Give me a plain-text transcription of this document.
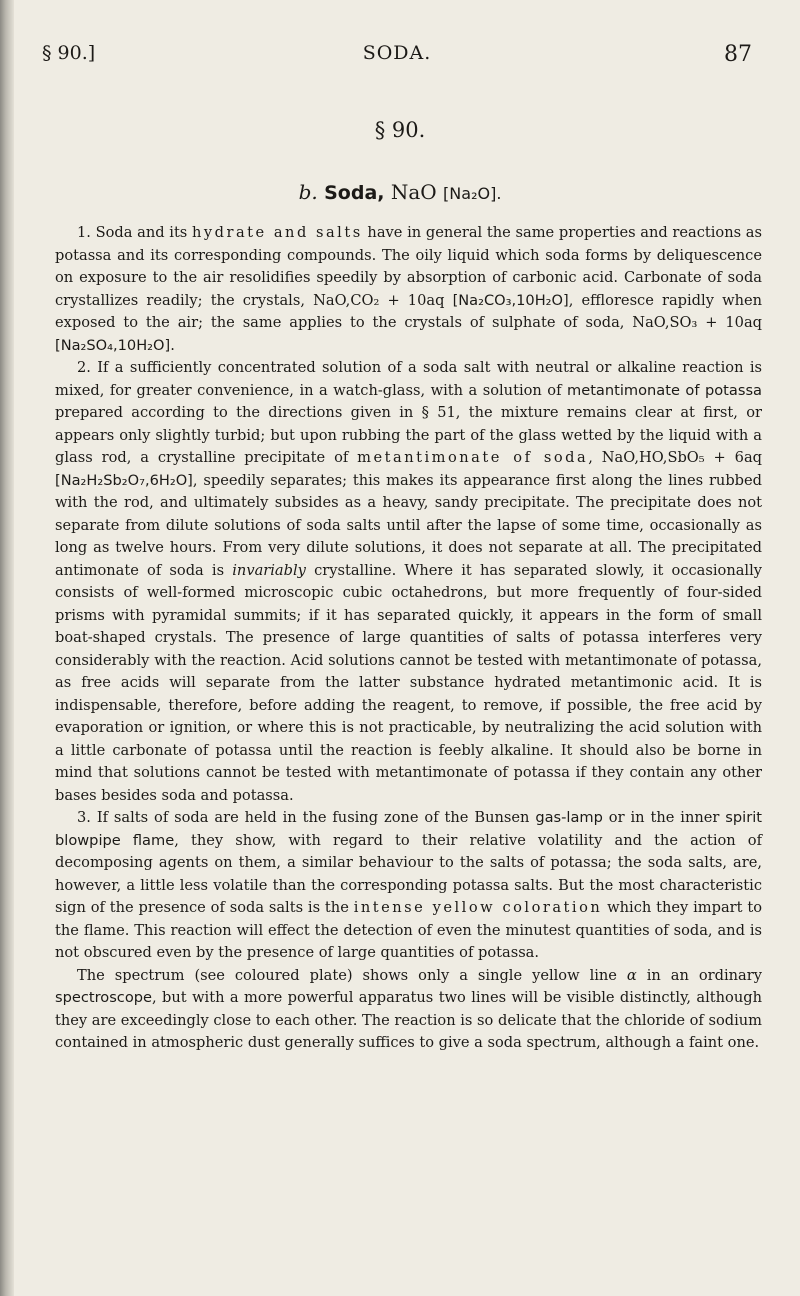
§ 90.]	SODA.	87
§ 90.
b. Soda, NaO [Na₂O].

1. Soda and its hydrate and salts have in general the same properties and reactions as potassa and its corresponding compounds. The oily liquid which soda forms by deliquescence on exposure to the air resolidifies speedily by absorption of carbonic acid. Carbonate of soda crystallizes readily; the crystals, NaO,CO₂ + 10aq [Na₂CO₃,10H₂O], effloresce rapidly when exposed to the air; the same applies to the crystals of sulphate of soda, NaO,SO₃ + 10aq [Na₂SO₄,10H₂O].

2. If a sufficiently concentrated solution of a soda salt with neutral or alkaline reaction is mixed, for greater convenience, in a watch-glass, with a solution of metantimonate of potassa prepared according to the directions given in § 51, the mixture remains clear at first, or appears only slightly turbid; but upon rubbing the part of the glass wetted by the liquid with a glass rod, a crystalline precipitate of metantimonate of soda, NaO,HO,SbO₅ + 6aq [Na₂H₂Sb₂O₇,6H₂O], speedily separates; this makes its appearance first along the lines rubbed with the rod, and ultimately subsides as a heavy, sandy precipitate. The precipitate does not separate from dilute solutions of soda salts until after the lapse of some time, occasionally as long as twelve hours. From very dilute solutions, it does not separate at all. The precipitated antimonate of soda is invariably crystalline. Where it has separated slowly, it occasionally consists of well-formed microscopic cubic octahedrons, but more frequently of four-sided prisms with pyramidal summits; if it has separated quickly, it appears in the form of small boat-shaped crystals. The presence of large quantities of salts of potassa interferes very considerably with the reaction. Acid solutions cannot be tested with metantimonate of potassa, as free acids will separate from the latter substance hydrated metantimonic acid. It is indispensable, therefore, before adding the reagent, to remove, if possible, the free acid by evaporation or ignition, or where this is not practicable, by neutralizing the acid solution with a little carbonate of potassa until the reaction is feebly alkaline. It should also be borne in mind that solutions cannot be tested with metantimonate of potassa if they contain any other bases besides soda and potassa.

3. If salts of soda are held in the fusing zone of the Bunsen gas-lamp or in the inner spirit blowpipe flame, they show, with regard to their relative volatility and the action of decomposing agents on them, a similar behaviour to the salts of potassa; the soda salts, are, however, a little less volatile than the corresponding potassa salts. But the most characteristic sign of the presence of soda salts is the intense yellow coloration which they impart to the flame. This reaction will effect the detection of even the minutest quantities of soda, and is not obscured even by the presence of large quantities of potassa.

The spectrum (see coloured plate) shows only a single yellow line α in an ordinary spectroscope, but with a more powerful apparatus two lines will be visible distinctly, although they are exceedingly close to each other. The reaction is so delicate that the chloride of sodium contained in atmospheric dust generally suffices to give a soda spectrum, although a faint one.
